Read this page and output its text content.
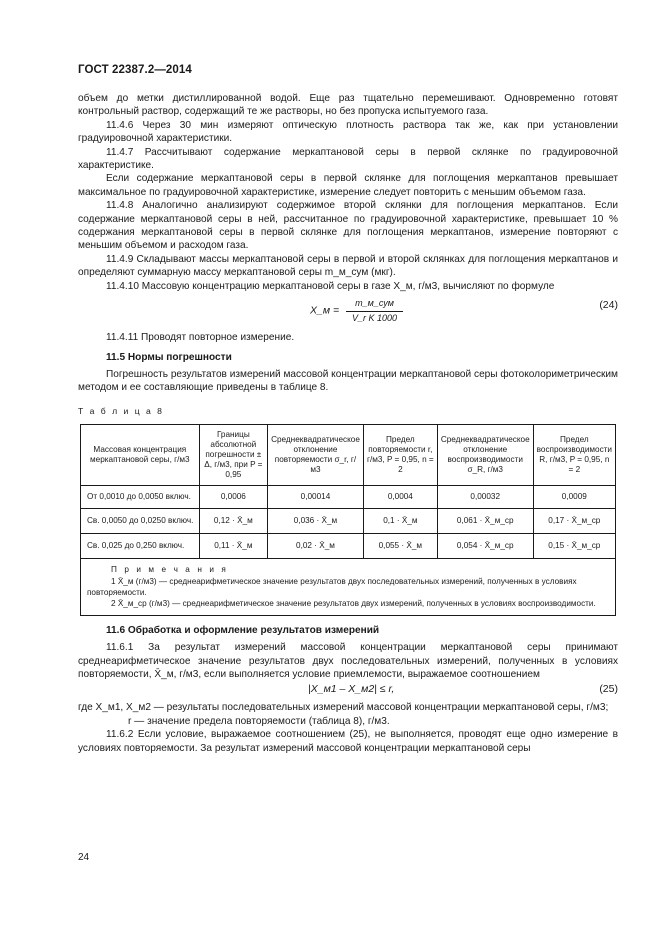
ГОСТ 22387.2—2014

объем до метки дистиллированной водой. Еще раз тщательно перемешивают. Одновременно готовят контрольный раствор, содержащий те же растворы, но без пропуска испытуемого газа.

11.4.6 Через 30 мин измеряют оптическую плотность раствора так же, как при установлении градуировочной характеристики.

11.4.7 Рассчитывают содержание меркаптановой серы в первой склянке по градуировочной характеристике.

Если содержание меркаптановой серы в первой склянке для поглощения меркаптанов превышает максимальное по градуировочной характеристике, измерение следует повторить с меньшим объемом газа.

11.4.8 Аналогично анализируют содержимое второй склянки для поглощения меркаптанов. Если содержание меркаптановой серы в ней, рассчитанное по градуировочной характеристике, превышает 10 % содержания меркаптановой серы в первой склянке для поглощения меркаптанов, измерение повторяют с меньшим объемом и расходом газа.

11.4.9 Складывают массы меркаптановой серы в первой и второй склянках для поглощения меркаптанов и определяют суммарную массу меркаптановой серы m_м_сум (мкг).

11.4.10 Массовую концентрацию меркаптановой серы в газе X_м, г/м3, вычисляют по формуле

X_м = $\frac{\text{m\_м\_сум}}{\text{V\_r K 1000}}$	(24)

11.4.11 Проводят повторное измерение.

11.5 Нормы погрешности

Погрешность результатов измерений массовой концентрации меркаптановой серы фотоколориметрическим методом и ее составляющие приведены в таблице 8.

Т а б л и ц а 8
Массовая концентрация меркаптановой серы, г/м3	Границы абсолютной погрешности ± Δ, г/м3, при P = 0,95	Среднеквадратическое отклонение повторяемости σ_r, г/м3	Предел повторяемости r, г/м3, P = 0,95, n = 2	Среднеквадратическое отклонение воспроизводимости σ_R, г/м3	Предел воспроизводимости R, г/м3, P = 0,95, n = 2
От 0,0010 до 0,0050 включ.	0,0006	0,00014	0,0004	0,00032	0,0009
Св. 0,0050 до 0,0250 включ.	0,12 · X̄_м	0,036 · X̄_м	0,1 · X̄_м	0,061 · X̄_м_ср	0,17 · X̄_м_ср
Св. 0,025 до 0,250 включ.	0,11 · X̄_м	0,02 · X̄_м	0,055 · X̄_м	0,054 · X̄_м_ср	0,15 · X̄_м_ср

П р и м е ч а н и я
1 X̄_м (г/м3) — среднеарифметическое значение результатов двух последовательных измерений, полученных в условиях повторяемости.
2 X̄_м_ср (г/м3) — среднеарифметическое значение результатов двух измерений, полученных в условиях воспроизводимости.					

11.6 Обработка и оформление результатов измерений

11.6.1 За результат измерений массовой концентрации меркаптановой серы принимают среднеарифметическое значение результатов двух последовательных измерений, полученных в условиях повторяемости, X̄_м, г/м3, если выполняется условие приемлемости, выражаемое соотношением

|X_м1 – X_м2| ≤ r,	(25)

где X_м1, X_м2 — результаты последовательных измерений массовой концентрации меркаптановой серы, г/м3;

r — значение предела повторяемости (таблица 8), г/м3.

11.6.2 Если условие, выражаемое соотношением (25), не выполняется, проводят еще одно измерение в условиях повторяемости. За результат измерений массовой концентрации меркаптановой серы

24
